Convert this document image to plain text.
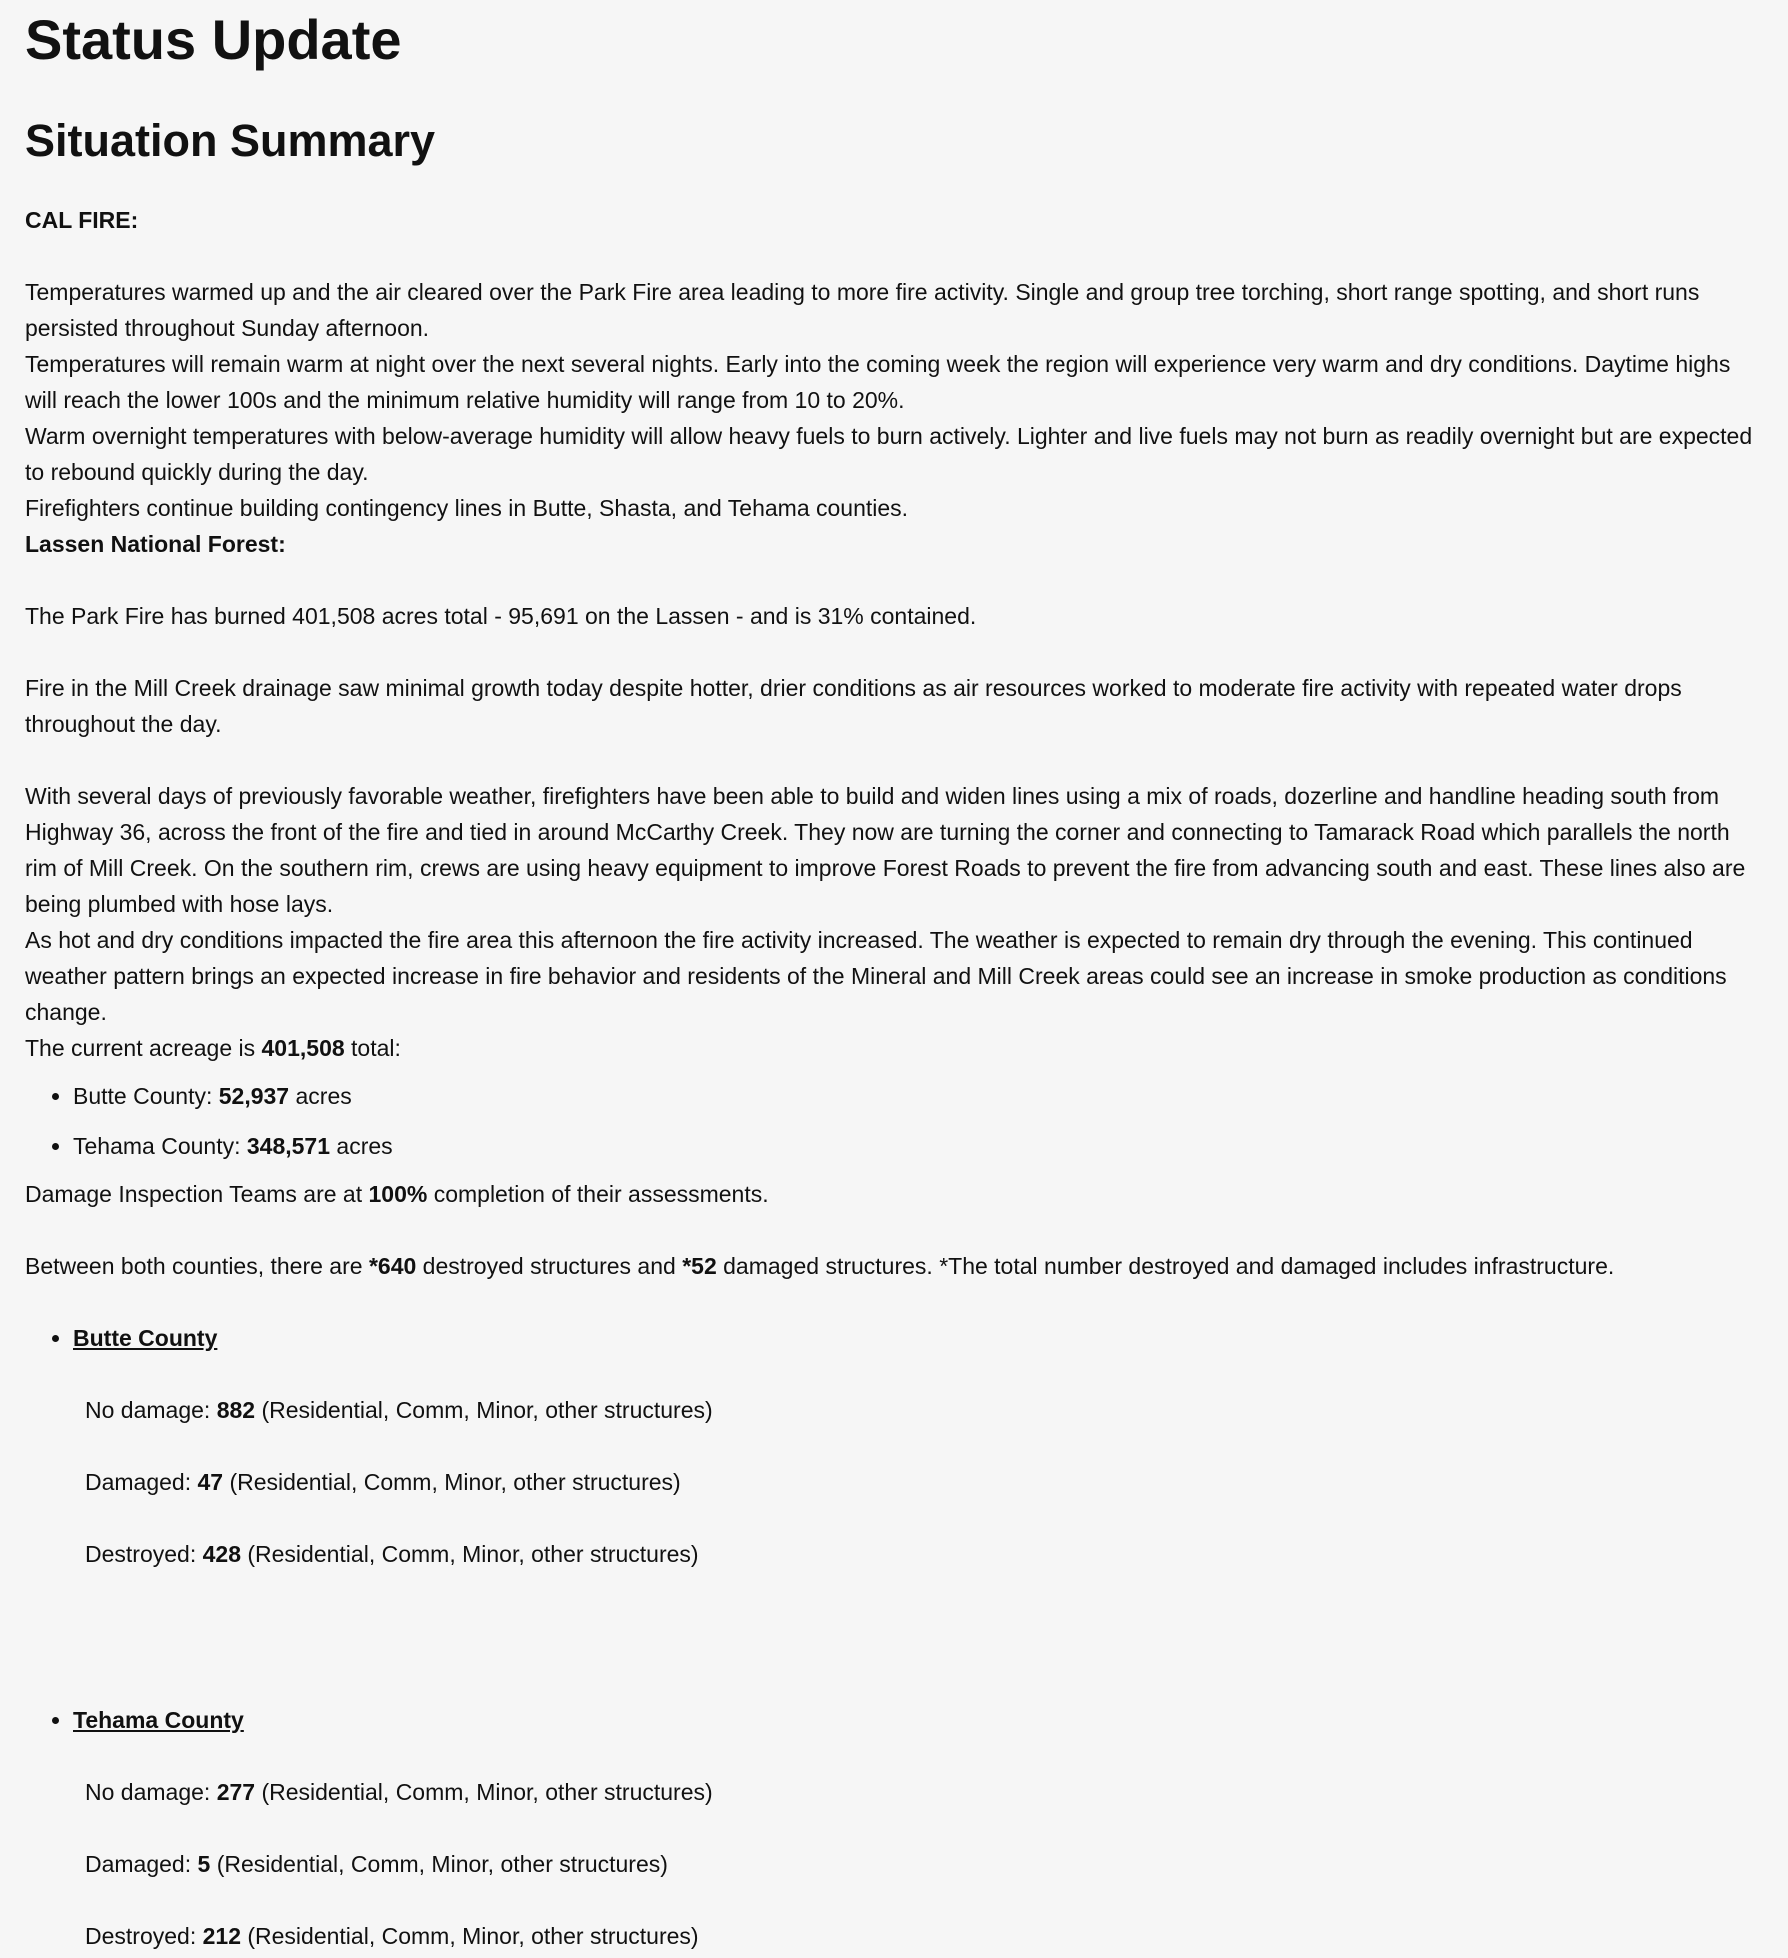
Status Update
Situation Summary

CAL FIRE:

Temperatures warmed up and the air cleared over the Park Fire area leading to more fire activity. Single and group tree torching, short range spotting, and short runs persisted throughout Sunday afternoon.

Temperatures will remain warm at night over the next several nights. Early into the coming week the region will experience very warm and dry conditions. Daytime highs will reach the lower 100s and the minimum relative humidity will range from 10 to 20%.

Warm overnight temperatures with below-average humidity will allow heavy fuels to burn actively. Lighter and live fuels may not burn as readily overnight but are expected to rebound quickly during the day.

Firefighters continue building contingency lines in Butte, Shasta, and Tehama counties.

Lassen National Forest:

The Park Fire has burned 401,508 acres total - 95,691 on the Lassen - and is 31% contained.

Fire in the Mill Creek drainage saw minimal growth today despite hotter, drier conditions as air resources worked to moderate fire activity with repeated water drops throughout the day.

With several days of previously favorable weather, firefighters have been able to build and widen lines using a mix of roads, dozerline and handline heading south from Highway 36, across the front of the fire and tied in around McCarthy Creek. They now are turning the corner and connecting to Tamarack Road which parallels the north rim of Mill Creek. On the southern rim, crews are using heavy equipment to improve Forest Roads to prevent the fire from advancing south and east. These lines also are being plumbed with hose lays.

As hot and dry conditions impacted the fire area this afternoon the fire activity increased. The weather is expected to remain dry through the evening. This continued weather pattern brings an expected increase in fire behavior and residents of the Mineral and Mill Creek areas could see an increase in smoke production as conditions change.

The current acreage is 401,508 total:

• Butte County: 52,937 acres
• Tehama County: 348,571 acres

Damage Inspection Teams are at 100% completion of their assessments.

Between both counties, there are *640 destroyed structures and *52 damaged structures. *The total number destroyed and damaged includes infrastructure.

• Butte County

No damage: 882 (Residential, Comm, Minor, other structures)

Damaged: 47 (Residential, Comm, Minor, other structures)

Destroyed: 428 (Residential, Comm, Minor, other structures)

• Tehama County

No damage: 277 (Residential, Comm, Minor, other structures)

Damaged: 5 (Residential, Comm, Minor, other structures)

Destroyed: 212 (Residential, Comm, Minor, other structures)
